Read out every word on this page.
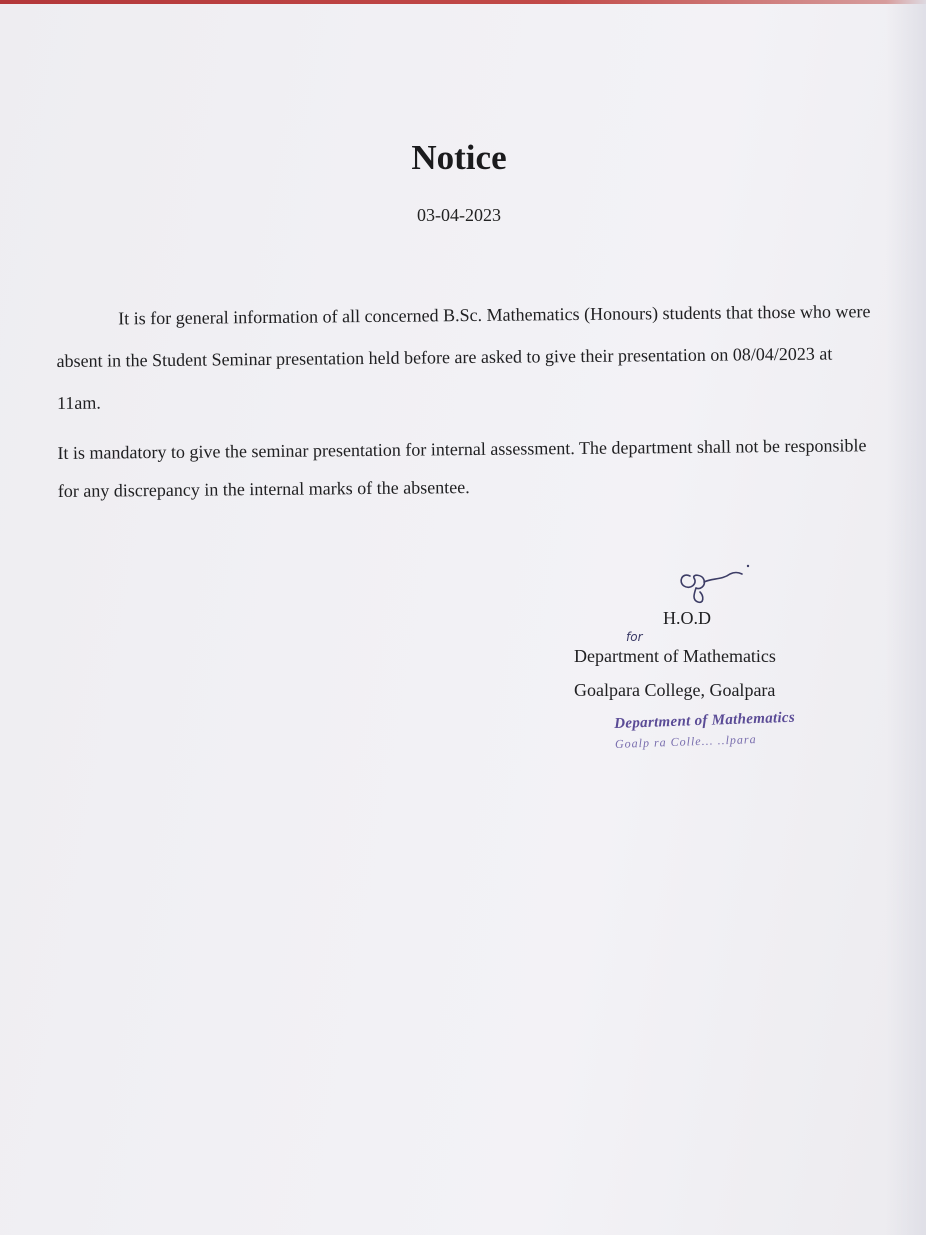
Notice
03-04-2023

It is for general information of all concerned B.Sc. Mathematics (Honours) students that those who were absent in the Student Seminar presentation held before are asked to give their presentation on 08/04/2023 at 11am.

It is mandatory to give the seminar presentation for internal assessment. The department shall not be responsible for any discrepancy in the internal marks of the absentee.

H.O.D
for
Department of Mathematics
Goalpara College, Goalpara
Department of Mathematics
Goalp ra Colle... ..lpara
